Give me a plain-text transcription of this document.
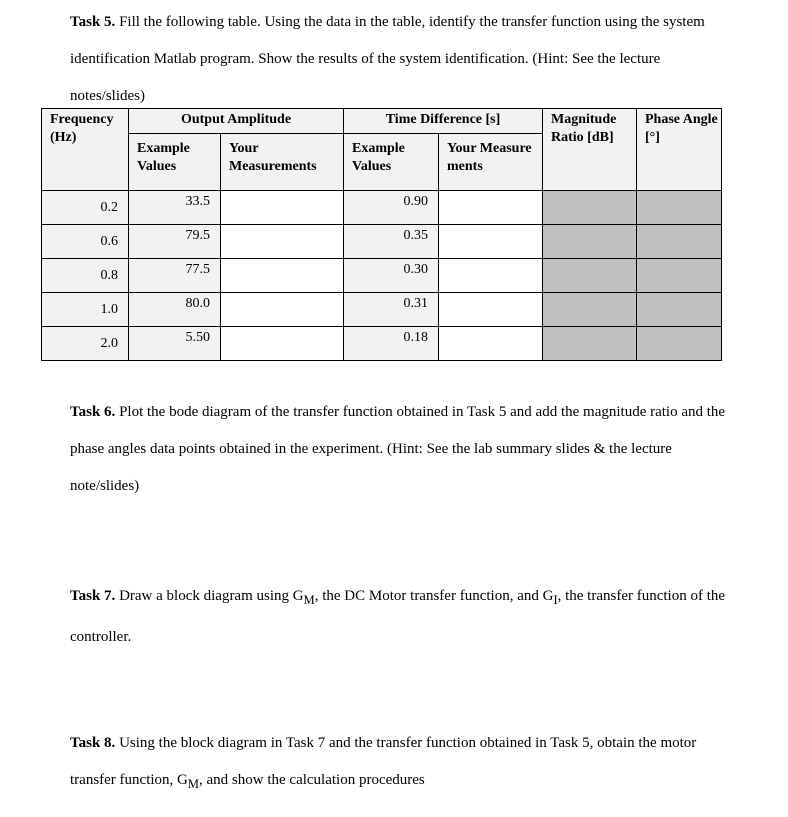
Task 5. Fill the following table. Using the data in the table, identify the transfer function using the system identification Matlab program. Show the results of the system identification. (Hint: See the lecture notes/slides)
Frequency (Hz)	Output Amplitude		Time Difference [s]		Magnitude Ratio [dB]	Phase Angle [°]
	Example Values	Your Measurements	Example Values	Your Measurements		
0.2	33.5		0.90			
0.6	79.5		0.35			
0.8	77.5		0.30			
1.0	80.0		0.31			
2.0	5.50		0.18			
Task 6. Plot the bode diagram of the transfer function obtained in Task 5 and add the magnitude ratio and the phase angles data points obtained in the experiment. (Hint: See the lab summary slides & the lecture note/slides)
Task 7. Draw a block diagram using $G_M$, the DC Motor transfer function, and $G_I$, the transfer function of the controller.
Task 8. Using the block diagram in Task 7 and the transfer function obtained in Task 5, obtain the motor transfer function, $G_M$, and show the calculation procedures
